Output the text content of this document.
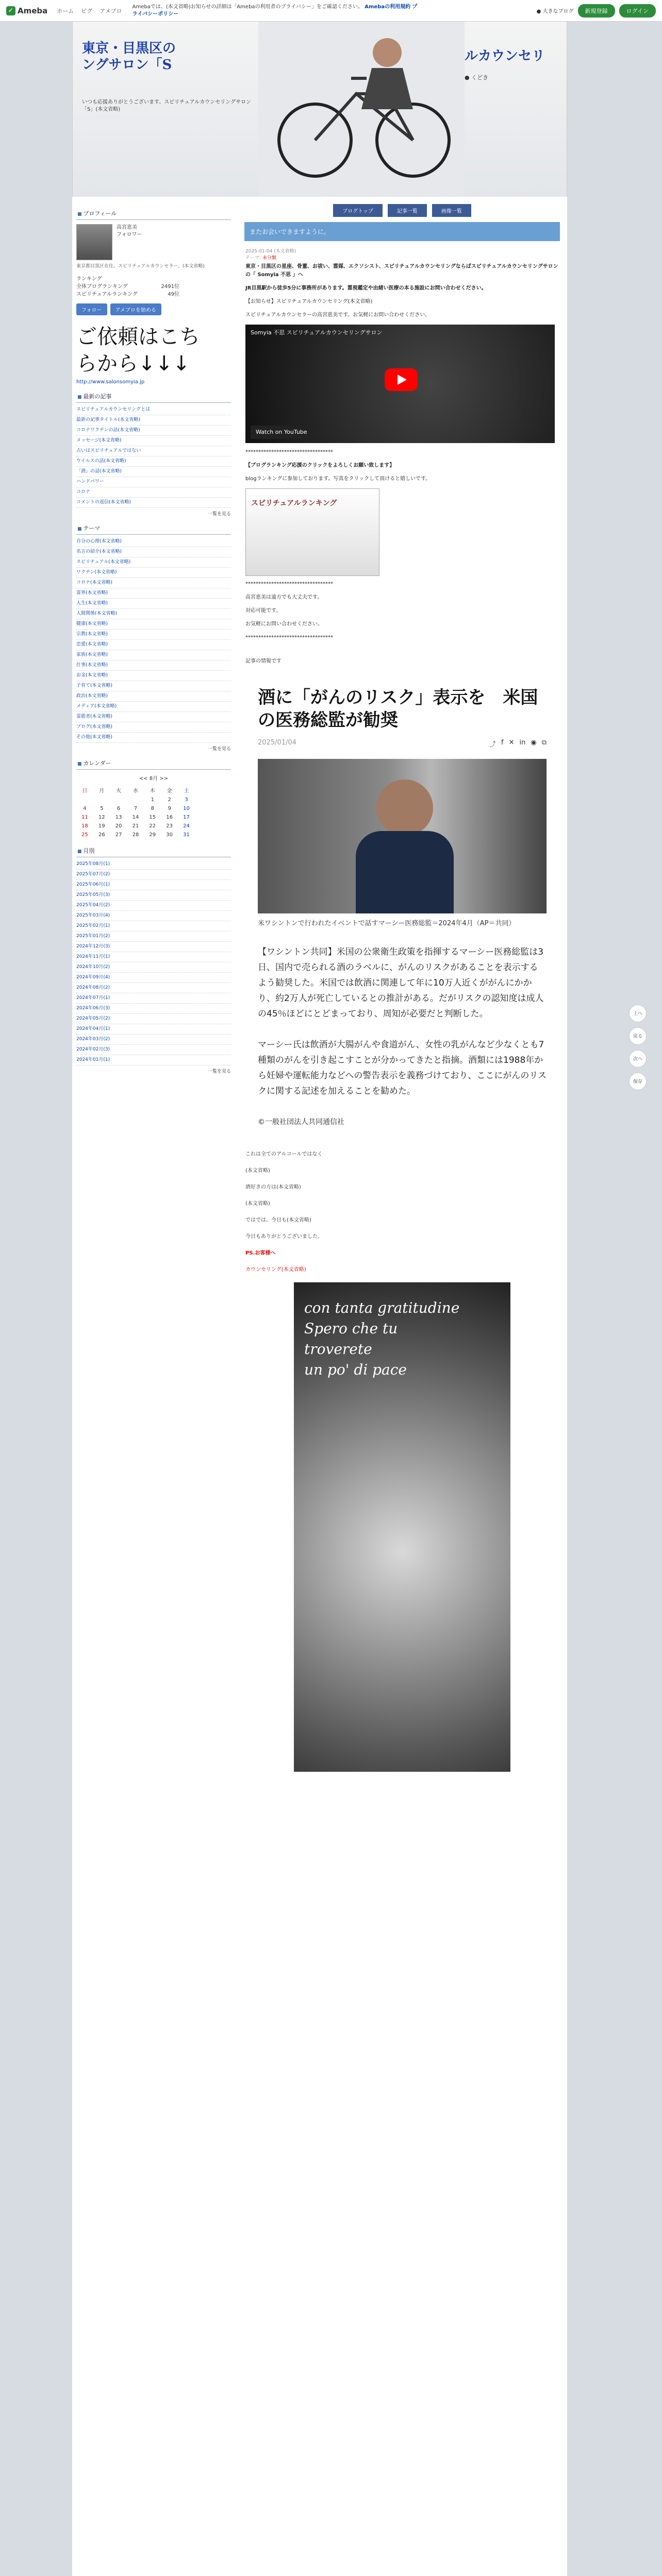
✓ Ameba ホーム ピグ アメブロ
Amebaでは、(本文省略)お知らせの詳細は「Amebaの利用者のプライバシー」をご確認ください。 Amebaの利用規約 プライバシーポリシー	● 大きなブログ	新規登録	ログイン
東京・目黒区の
ングサロン「S
ルカウンセリ
いつも応援ありがとうございます。スピリチュアルカウンセリングサロン「S」(本文省略)
● くどき
■ プロフィール
高宮恵美
フォロワー
東京都目黒区在住。スピリチュアルカウンセラー。(本文省略)
ランキング
全体ブログランキング	2491位
スピリチュアルランキング	49位
フォロー	アメブロを始める
ご依頼はこち
らから↓↓↓
http://www.salonsomyia.jp
■ 最新の記事
スピリチュアルカウンセリングとは
最新の記事タイトル(本文省略)
コロナワクチンの話(本文省略)
メッセージ(本文省略)
占いはスピリチュアルではない
ウイルスの話(本文省略)
「酒」の話(本文省略)
ハンドパワー
コロナ
コメントの返信(本文省略)
一覧を見る
■ テーマ
自分の心理(本文省略)
名言の紹介(本文省略)
スピリチュアル(本文省略)
ワクチン(本文省略)
コロナ(本文省略)
霊界(本文省略)
人生(本文省略)
人間関係(本文省略)
健康(本文省略)
宗教(本文省略)
恋愛(本文省略)
家族(本文省略)
仕事(本文省略)
お金(本文省略)
子育て(本文省略)
政治(本文省略)
メディア(本文省略)
霊能者(本文省略)
ブログ(本文省略)
その他(本文省略)
一覧を見る
■ カレンダー
<< 8月 >>
日	月	火	水	木	金	土
				1	2	3
4	5	6	7	8	9	10
11	12	13	14	15	16	17
18	19	20	21	22	23	24
25	26	27	28	29	30	31
■ 月別
2025年08月(1)
2025年07月(2)
2025年06月(1)
2025年05月(3)
2025年04月(2)
2025年03月(4)
2025年02月(1)
2025年01月(2)
2024年12月(3)
2024年11月(1)
2024年10月(2)
2024年09月(4)
2024年08月(2)
2024年07月(1)
2024年06月(3)
2024年05月(2)
2024年04月(1)
2024年03月(2)
2024年02月(3)
2024年01月(1)
一覧を見る
ブログトップ	記事一覧	画像一覧
またお会いできますように。
2025-01-04 (本文省略)
テーマ: 未分類

東京・目黒区の星座、骨董、お祓い、霊媒、エクソシスト、スピリチュアルカウンセリングならばスピリチュアルカウンセリングサロンの「 Somyia 不思 」へ

JR目黒駅から徒歩5分に事務所があります。霊視鑑定や由緒い医療の本る施設にお問い合わせください。

【お知らせ】スピリチュアルカウンセリング(本文省略)

スピリチュアルカウンセラーの高宮恵美です。お気軽にお問い合わせください。

Somyia 不思 スピリチュアルカウンセリングサロン
Watch on YouTube

**********************************

【ブログランキング応援のクリックをよろしくお願い致します】

blogランキングに参加しております。写真をクリックして頂けると嬉しいです。

スピリチュアルランキング

**********************************

高宮恵美は遠方でも大丈夫です。

対応可能です。

お気軽にお問い合わせください。

**********************************

記事の情報です

酒に「がんのリスク」表示を　米国の医務総監が勧奨
2025/01/04	⤴ f ✕ in ◉ ⧉
米ワシントンで行われたイベントで話すマーシー医務総監＝2024年4月（AP＝共同）
【ワシントン共同】米国の公衆衛生政策を指揮するマーシー医務総監は3日、国内で売られる酒のラベルに、がんのリスクがあることを表示するよう勧奨した。米国では飲酒に関連して年に10万人近くががんにかかり、約2万人が死亡しているとの推計がある。だがリスクの認知度は成人の45％ほどにとどまっており、周知が必要だと判断した。
マーシー氏は飲酒が大腸がんや食道がん、女性の乳がんなど少なくとも7種類のがんを引き起こすことが分かってきたと指摘。酒類には1988年から妊婦や運転能力などへの警告表示を義務づけており、ここにがんのリスクに関する記述を加えることを勧めた。
©一般社団法人共同通信社

これは全てのアルコールではなく

(本文省略)

酒好きの方は(本文省略)

(本文省略)

ではでは、今日も(本文省略)

今日もありがとうございました。

PS.お客様へ

カウンセリング(本文省略)

con tanta gratitudine
Spero che tu
troverete
un po' di pace
上へ
戻る
次へ
保存
